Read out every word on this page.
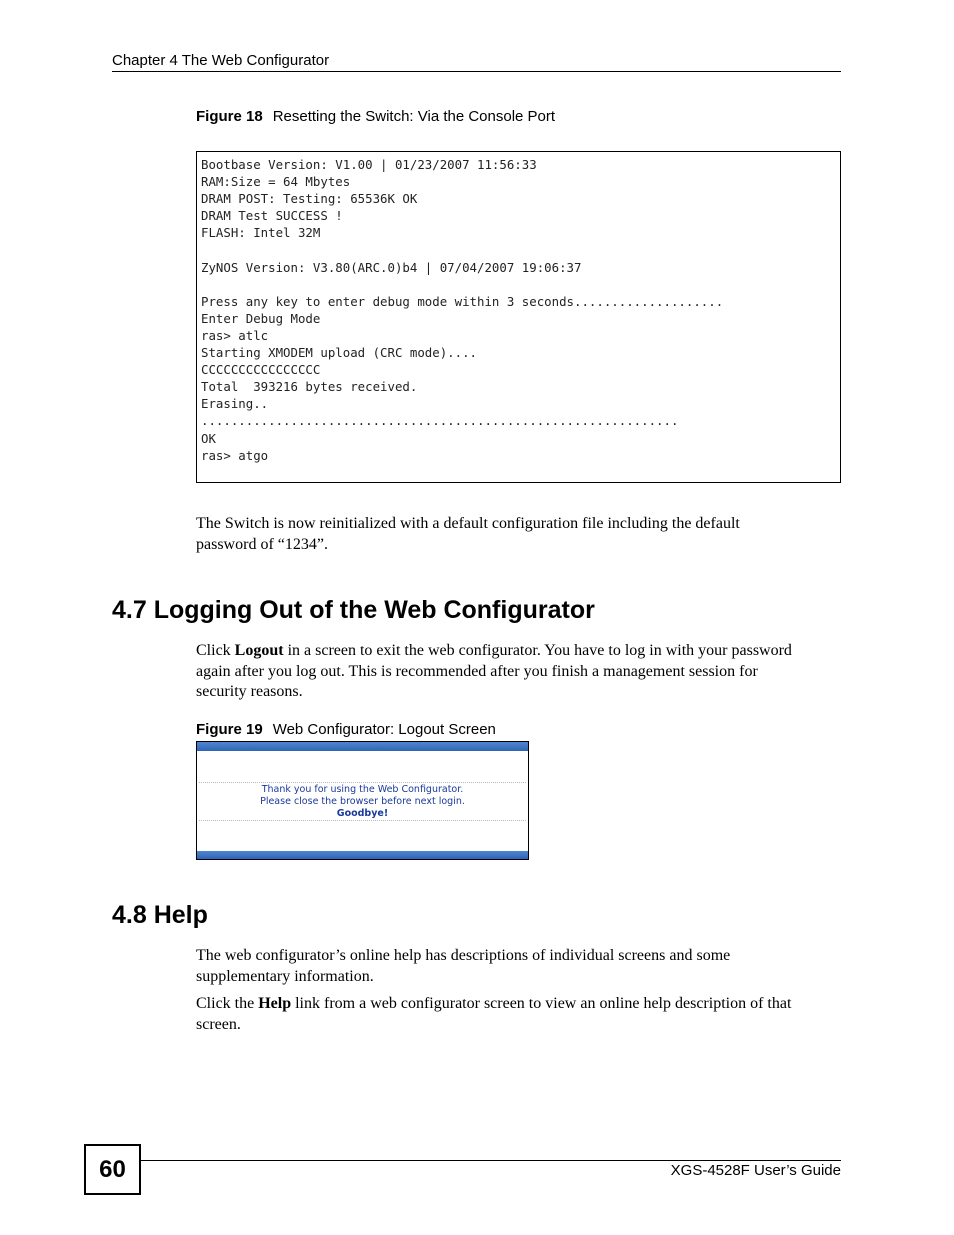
Chapter 4 The Web Configurator
Figure 18 Resetting the Switch: Via the Console Port
Bootbase Version: V1.00 | 01/23/2007 11:56:33
RAM:Size = 64 Mbytes
DRAM POST: Testing: 65536K OK
DRAM Test SUCCESS !
FLASH: Intel 32M

ZyNOS Version: V3.80(ARC.0)b4 | 07/04/2007 19:06:37

Press any key to enter debug mode within 3 seconds....................
Enter Debug Mode
ras> atlc
Starting XMODEM upload (CRC mode)....
CCCCCCCCCCCCCCCC
Total  393216 bytes received.
Erasing..
................................................................
OK
ras> atgo
The Switch is now reinitialized with a default configuration file including the default
password of “1234”.
4.7 Logging Out of the Web Configurator
Click Logout in a screen to exit the web configurator. You have to log in with your password
again after you log out. This is recommended after you finish a management session for
security reasons.
Figure 19 Web Configurator: Logout Screen
Thank you for using the Web Configurator.
Please close the browser before next login.
Goodbye!
4.8 Help
The web configurator’s online help has descriptions of individual screens and some
supplementary information.
Click the Help link from a web configurator screen to view an online help description of that
screen.
60	XGS-4528F User’s Guide
